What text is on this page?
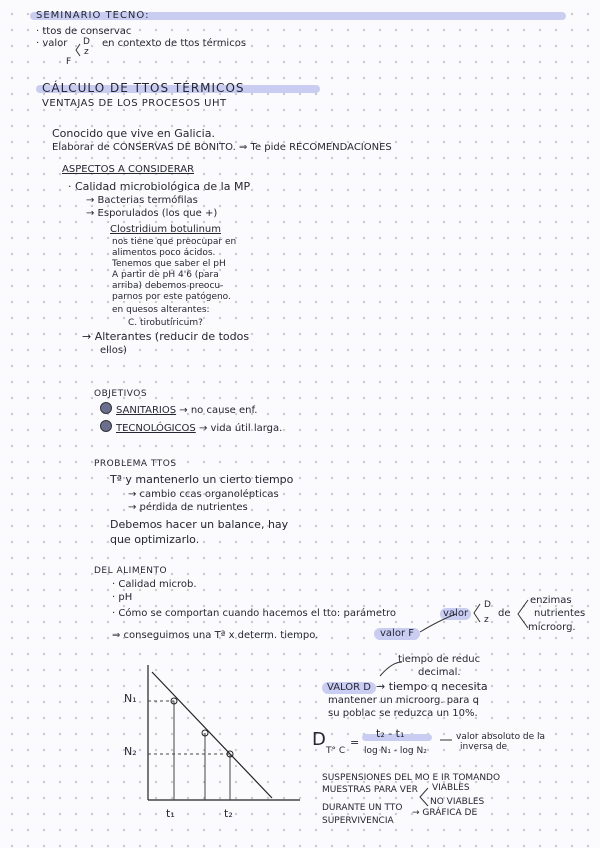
SEMINARIO TECNO:
· ttos de conservac
· valor
F
D
z
en contexto de ttos térmicos
CÁLCULO DE TTOS TÉRMICOS
VENTAJAS DE LOS PROCESOS UHT
Conocido que vive en Galicia.
Elaborar de CONSERVAS DE BONITO. ⇒ Te pide RECOMENDACIONES
ASPECTOS A CONSIDERAR
· Calidad microbiológica de la MP
→ Bacterias termófilas
→ Esporulados (los que +)
Clostridium botulinum
nos tiene que preocupar en
alimentos poco ácidos.
Tenemos que saber el pH
A partir de pH 4'6 (para
arriba) debemos preocu-
parnos por este patógeno.
en quesos alterantes:
C. tirobutíricum?
→ Alterantes (reducir de todos
ellos)
OBJETIVOS
SANITARIOS → no cause enf.
TECNOLÓGICOS → vida útil larga.
PROBLEMA TTOS
Tª y mantenerlo un cierto tiempo
→ cambio ccas organolépticas
→ pérdida de nutrientes
Debemos hacer un balance, hay
que optimizarlo.
DEL ALIMENTO
· Calidad microb.
· pH
· Cómo se comportan cuando hacemos el tto: parámetro	valor
D
z
de
enzimas
nutrientes
microorg.
⇒ conseguimos una Tª x determ. tiempo.	valor F
N₁
N₂
t₁	t₂
tiempo de reduc
decimal.
VALOR D → tiempo q necesita
mantener un microorg. para q
su poblac se reduzca un 10%.
D
T° C
=
t₂ - t₁
log N₁ - log N₂
valor absoluto de la
inversa de
SUSPENSIONES DEL MO E IR TOMANDO
MUESTRAS PARA VER VIABLES
NO VIABLES
DURANTE UN TTO → GRÁFICA DE
SUPERVIVENCIA
